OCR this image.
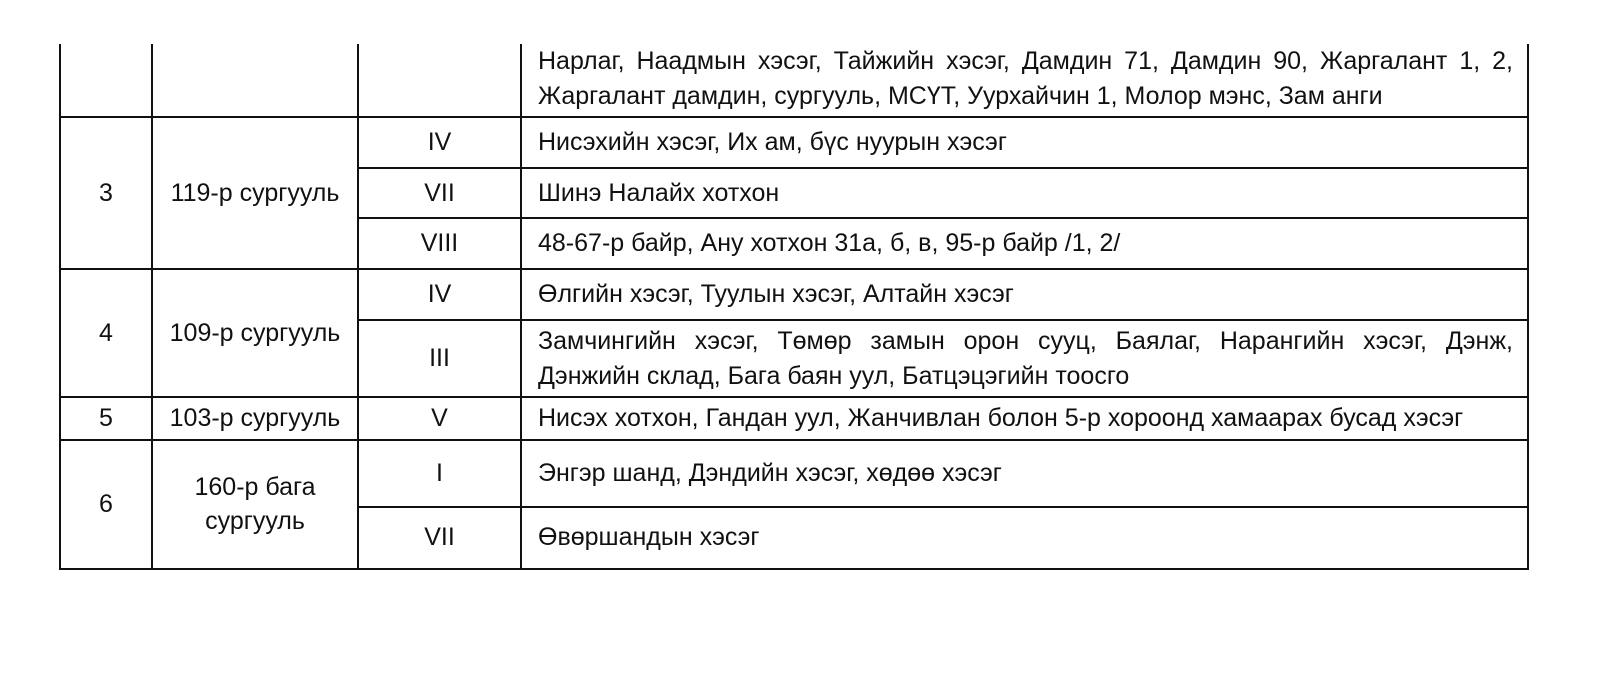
			Нарлаг, Наадмын хэсэг, Тайжийн хэсэг, Дамдин 71, Дамдин 90, Жаргалант 1, 2, Жаргалант дамдин, сургууль, МСҮТ, Уурхайчин 1, Молор мэнс, Зам анги
3	119-р сургууль	IV	Нисэхийн хэсэг, Их ам, бүс нуурын хэсэг
		VII	Шинэ Налайх хотхон
		VIII	48-67-р байр, Ану хотхон 31а, б, в, 95-р байр /1, 2/
4	109-р сургууль	IV	Өлгийн хэсэг, Туулын хэсэг, Алтайн хэсэг
		III	Замчингийн хэсэг, Төмөр замын орон сууц, Баялаг, Нарангийн хэсэг, Дэнж, Дэнжийн склад, Бага баян уул, Батцэцэгийн тоосго
5	103-р сургууль	V	Нисэх хотхон, Гандан уул, Жанчивлан болон 5-р хороонд хамаарах бусад хэсэг
6	160-р бага сургууль	I	Энгэр шанд, Дэндийн хэсэг, хөдөө хэсэг
		VII	Өвөршандын хэсэг
